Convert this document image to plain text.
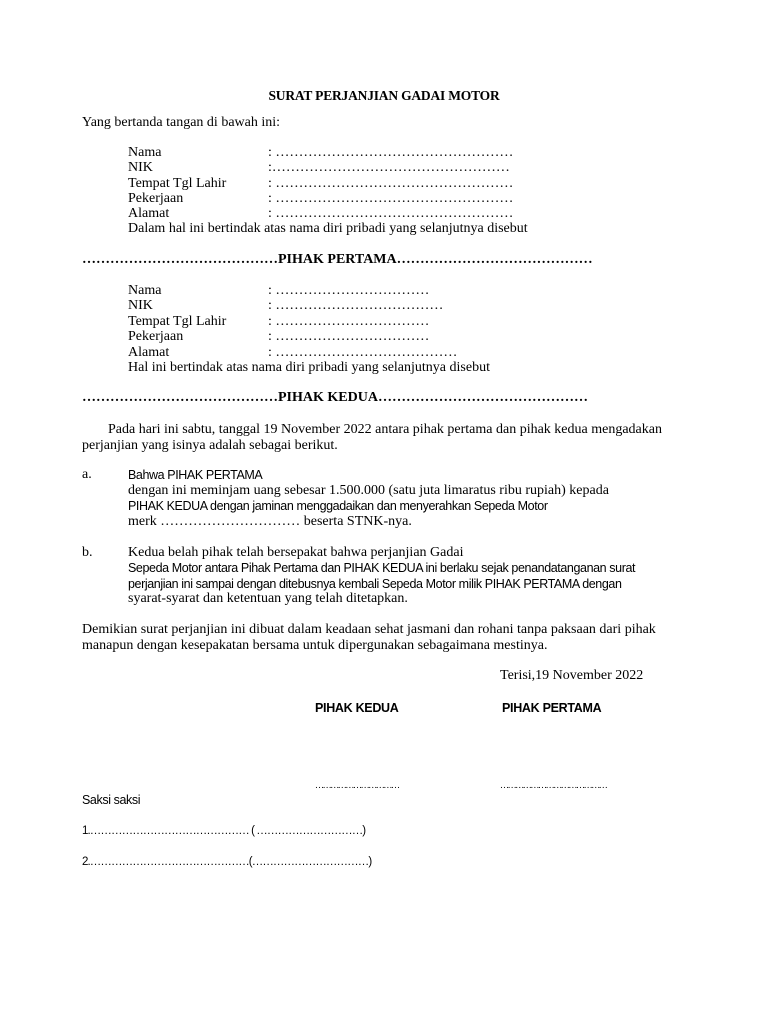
SURAT PERJANJIAN GADAI MOTOR
Yang bertanda tangan di bawah ini:
Nama	: ……………………………………………
NIK	:……………………………………………
Tempat Tgl Lahir	: ……………………………………………
Pekerjaan	: ……………………………………………
Alamat	: ……………………………………………
Dalam hal ini bertindak atas nama diri pribadi yang selanjutnya disebut
……………………………………PIHAK PERTAMA……………………………………
Nama	: ……………………………
NIK	: ………………………………
Tempat Tgl Lahir	: ……………………………
Pekerjaan	: ……………………………
Alamat	: …………………………………
Hal ini bertindak atas nama diri pribadi yang selanjutnya disebut
……………………………………PIHAK KEDUA………………………………………
Pada hari ini sabtu, tanggal 19 November 2022 antara pihak pertama dan pihak kedua mengadakan perjanjian yang isinya adalah sebagai berikut.
a.	Bahwa PIHAK PERTAMA
dengan ini meminjam uang sebesar 1.500.000 (satu juta limaratus ribu rupiah) kepada
PIHAK KEDUA dengan jaminan menggadaikan dan menyerahkan Sepeda Motor
merk ………………………… beserta STNK-nya.
b.	Kedua belah pihak telah bersepakat bahwa perjanjian Gadai
Sepeda Motor antara Pihak Pertama dan PIHAK KEDUA ini berlaku sejak penandatanganan surat
perjanjian ini sampai dengan ditebusnya kembali Sepeda Motor milik PIHAK PERTAMA dengan
syarat-syarat dan ketentuan yang telah ditetapkan.
Demikian surat perjanjian ini dibuat dalam keadaan sehat jasmani dan rohani tanpa paksaan dari pihak manapun dengan kesepakatan bersama untuk dipergunakan sebagaimana mestinya.
Terisi,19 November 2022
PIHAK KEDUA	PIHAK PERTAMA
……………………………	……………………………………
Saksi saksi
1.……………………………………… ( …………………………)
2.………………………………………(……………………………)
